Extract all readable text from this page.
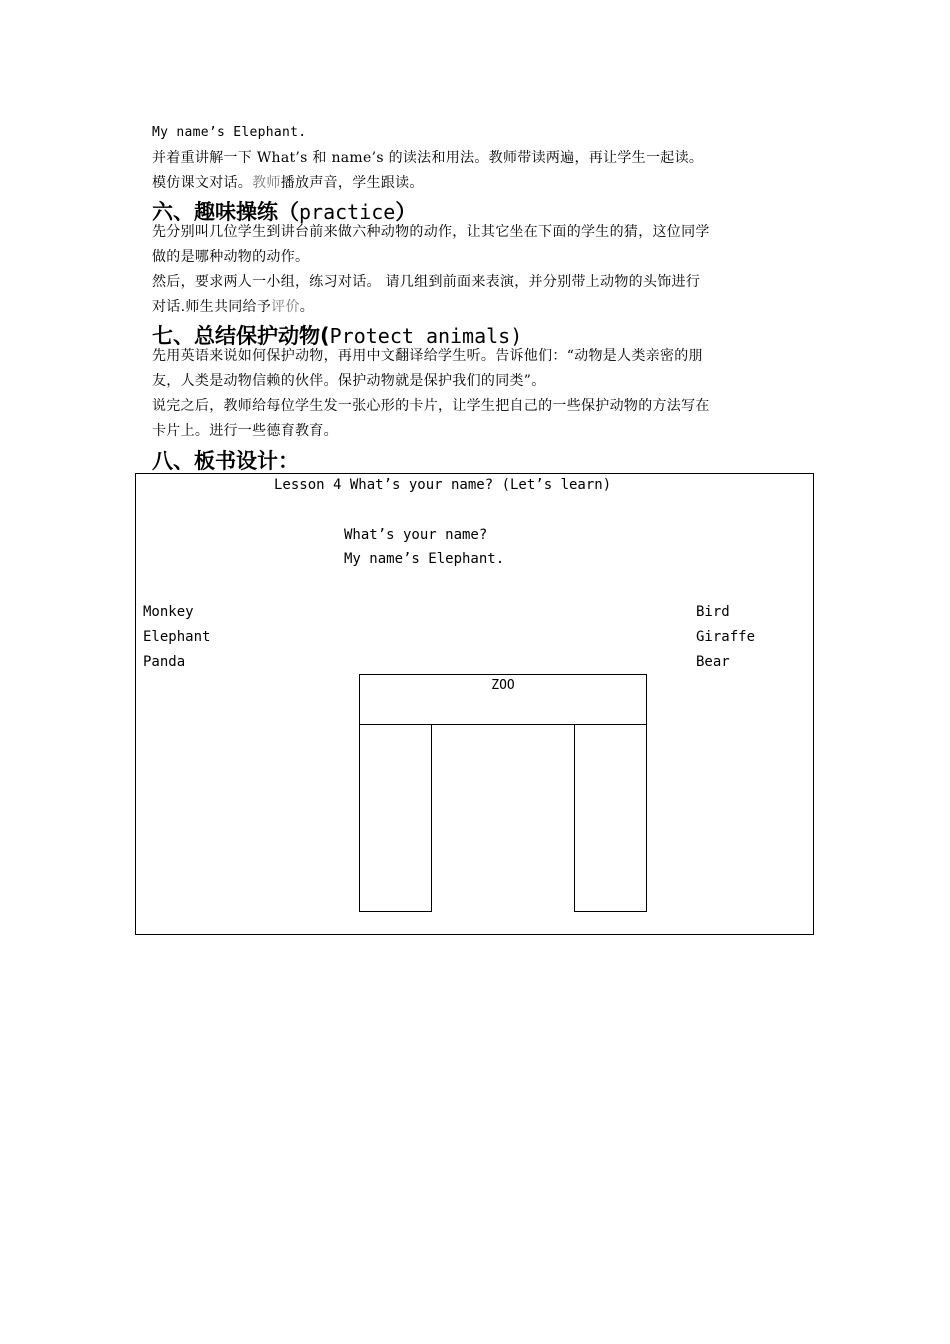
My name’s Elephant.
并着重讲解一下 What’s 和 name’s 的读法和用法。教师带读两遍，再让学生一起读。
模仿课文对话。教师播放声音，学生跟读。
六、趣味操练（practice）
先分别叫几位学生到讲台前来做六种动物的动作，让其它坐在下面的学生的猜，这位同学
做的是哪种动物的动作。
然后，要求两人一小组，练习对话。 请几组到前面来表演，并分别带上动物的头饰进行
对话.师生共同给予评价。
七、总结保护动物(Protect animals)
先用英语来说如何保护动物，再用中文翻译给学生听。告诉他们：“动物是人类亲密的朋
友，人类是动物信赖的伙伴。保护动物就是保护我们的同类”。
说完之后，教师给每位学生发一张心形的卡片，让学生把自己的一些保护动物的方法写在
卡片上。进行一些德育教育。
八、板书设计：
Lesson 4 What’s your name? (Let’s learn)
What’s your name?
My name’s Elephant.
Monkey
Elephant
Panda
Bird
Giraffe
Bear
ZOO
